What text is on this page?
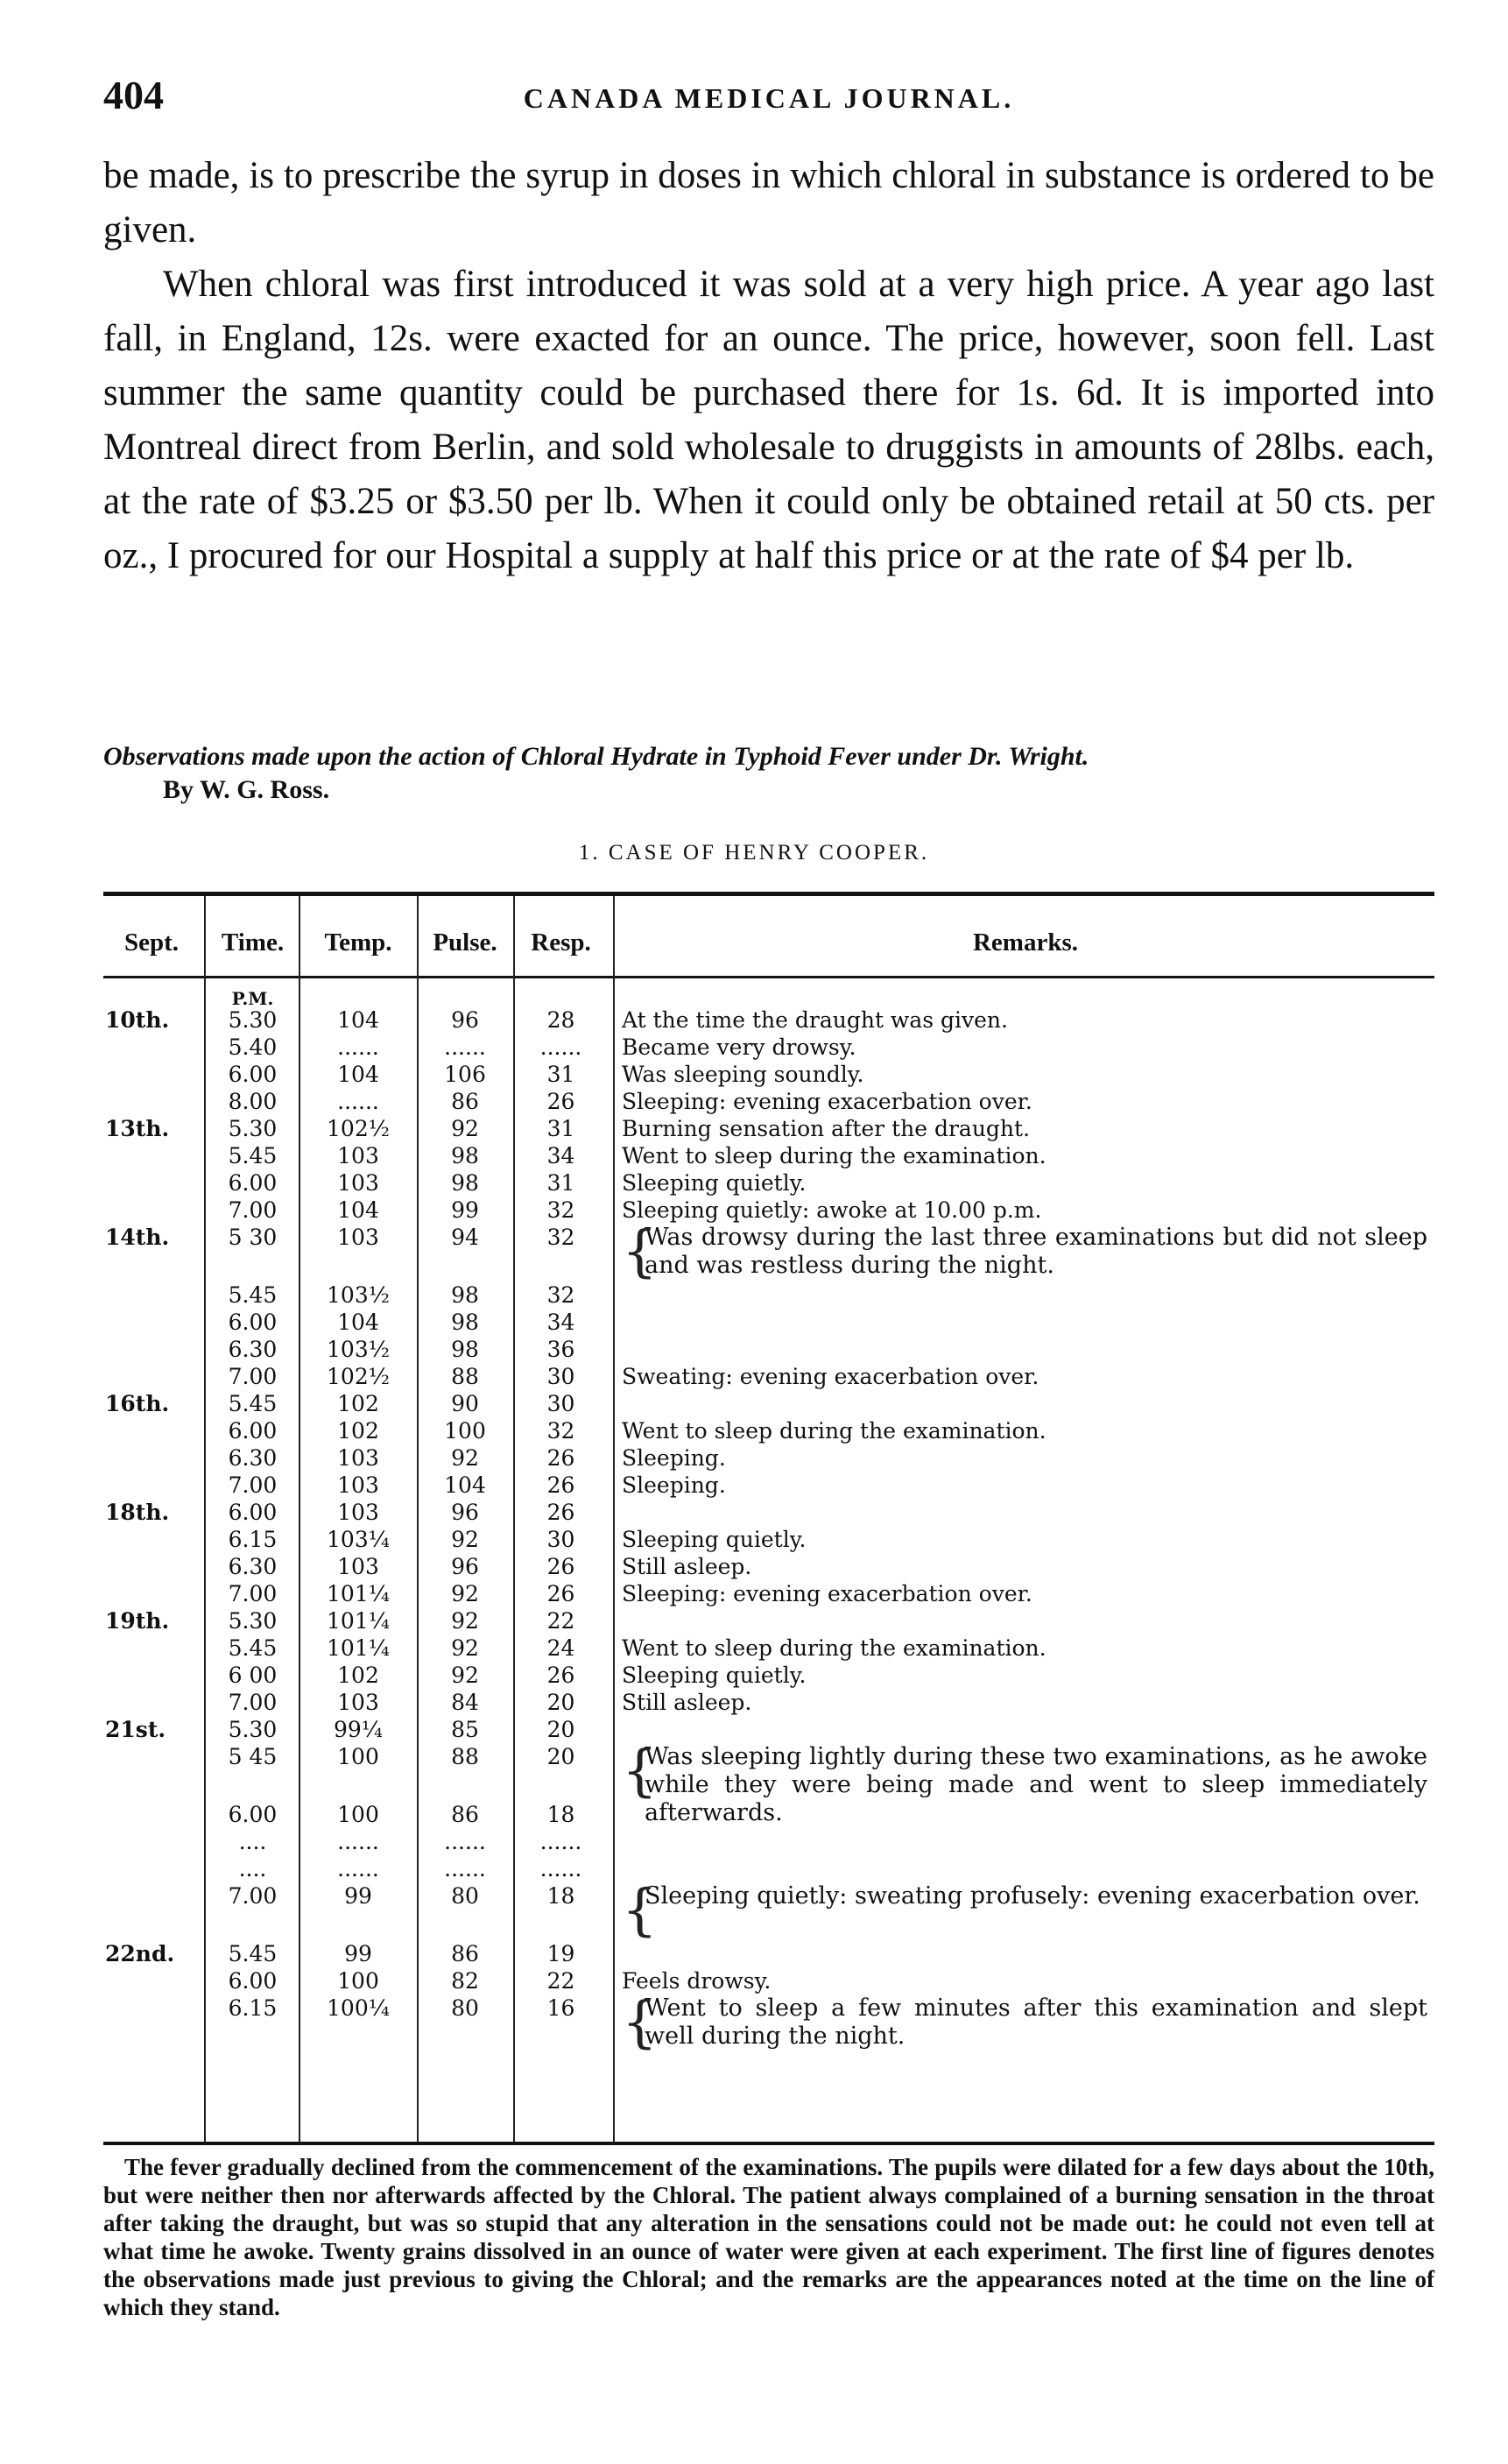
404	CANADA MEDICAL JOURNAL.

be made, is to prescribe the syrup in doses in which chloral in substance is ordered to be given.

When chloral was first introduced it was sold at a very high price. A year ago last fall, in England, 12s. were exacted for an ounce. The price, however, soon fell. Last summer the same quantity could be purchased there for 1s. 6d. It is imported into Montreal direct from Berlin, and sold wholesale to druggists in amounts of 28lbs. each, at the rate of $3.25 or $3.50 per lb. When it could only be obtained retail at 50 cts. per oz., I procured for our Hospital a supply at half this price or at the rate of $4 per lb.

Observations made upon the action of Chloral Hydrate in Typhoid Fever under Dr. Wright.
By W. G. Ross.
1. CASE OF HENRY COOPER.
Sept.	Time.	Temp.	Pulse.	Resp.	Remarks.
P.M.
10th.	5.30	104	96	28	At the time the draught was given.
5.40	......	......	......	Became very drowsy.
6.00	104	106	31	Was sleeping soundly.
8.00	......	86	26	Sleeping: evening exacerbation over.
13th.	5.30	102½	92	31	Burning sensation after the draught.
5.45	103	98	34	Went to sleep during the examination.
6.00	103	98	31	Sleeping quietly.
7.00	104	99	32	Sleeping quietly: awoke at 10.00 p.m.
14th.	5 30	103	94	32 {
Was drowsy during the last three examinations but did not sleep and was restless during the night.
5.45	103½	98	32
6.00	104	98	34
6.30	103½	98	36
7.00	102½	88	30	Sweating: evening exacerbation over.
16th.	5.45	102	90	30
6.00	102	100	32	Went to sleep during the examination.
6.30	103	92	26	Sleeping.
7.00	103	104	26	Sleeping.
18th.	6.00	103	96	26
6.15	103¼	92	30	Sleeping quietly.
6.30	103	96	26	Still asleep.
7.00	101¼	92	26	Sleeping: evening exacerbation over.
19th.	5.30	101¼	92	22
5.45	101¼	92	24	Went to sleep during the examination.
6 00	102	92	26	Sleeping quietly.
7.00	103	84	20	Still asleep.
21st.	5.30	99¼	85	20
5 45	100	88	20 {
Was sleeping lightly during these two examinations, as he awoke while they were being made and went to sleep immediately afterwards.
6.00	100	86	18
....	......	......	......
....	......	......	......
7.00	99	80	18 {
Sleeping quietly: sweating profusely: evening exacerbation over.
22nd.	5.45	99	86	19
6.00	100	82	22	Feels drowsy.
6.15	100¼	80	16 {
Went to sleep a few minutes after this examination and slept well during the night.
The fever gradually declined from the commencement of the examinations. The pupils were dilated for a few days about the 10th, but were neither then nor afterwards affected by the Chloral. The patient always complained of a burning sensation in the throat after taking the draught, but was so stupid that any alteration in the sensations could not be made out: he could not even tell at what time he awoke. Twenty grains dissolved in an ounce of water were given at each experiment. The first line of figures denotes the observations made just previous to giving the Chloral; and the remarks are the appearances noted at the time on the line of which they stand.
